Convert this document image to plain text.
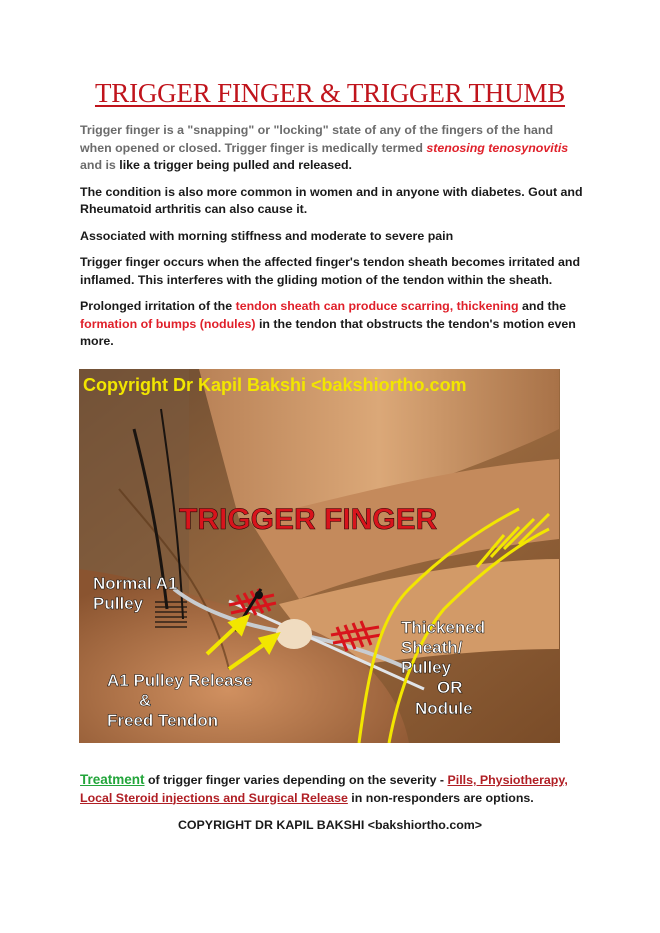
TRIGGER FINGER & TRIGGER THUMB

Trigger finger is a "snapping" or "locking" state of any of the fingers of the hand when opened or closed. Trigger finger is medically termed stenosing tenosynovitis and is like a trigger being pulled and released.

The condition is also more common in women and in anyone with diabetes. Gout and Rheumatoid arthritis can also cause it.

Associated with morning stiffness and moderate to severe pain

Trigger finger occurs when the affected finger's tendon sheath becomes irritated and inflamed. This interferes with the gliding motion of the tendon within the sheath.

Prolonged irritation of the tendon sheath can produce scarring, thickening and the formation of bumps (nodules) in the tendon that obstructs the tendon's motion even more.

Copyright Dr Kapil Bakshi <bakshiortho.com
TRIGGER FINGER
Normal A1
Pulley
A1 Pulley Release
&
Freed Tendon
Thickened
Sheath/
Pulley
OR
Nodule

Treatment of trigger finger varies depending on the severity - Pills, Physiotherapy, Local Steroid injections and Surgical Release in non-responders are options.

COPYRIGHT DR KAPIL BAKSHI <bakshiortho.com>
